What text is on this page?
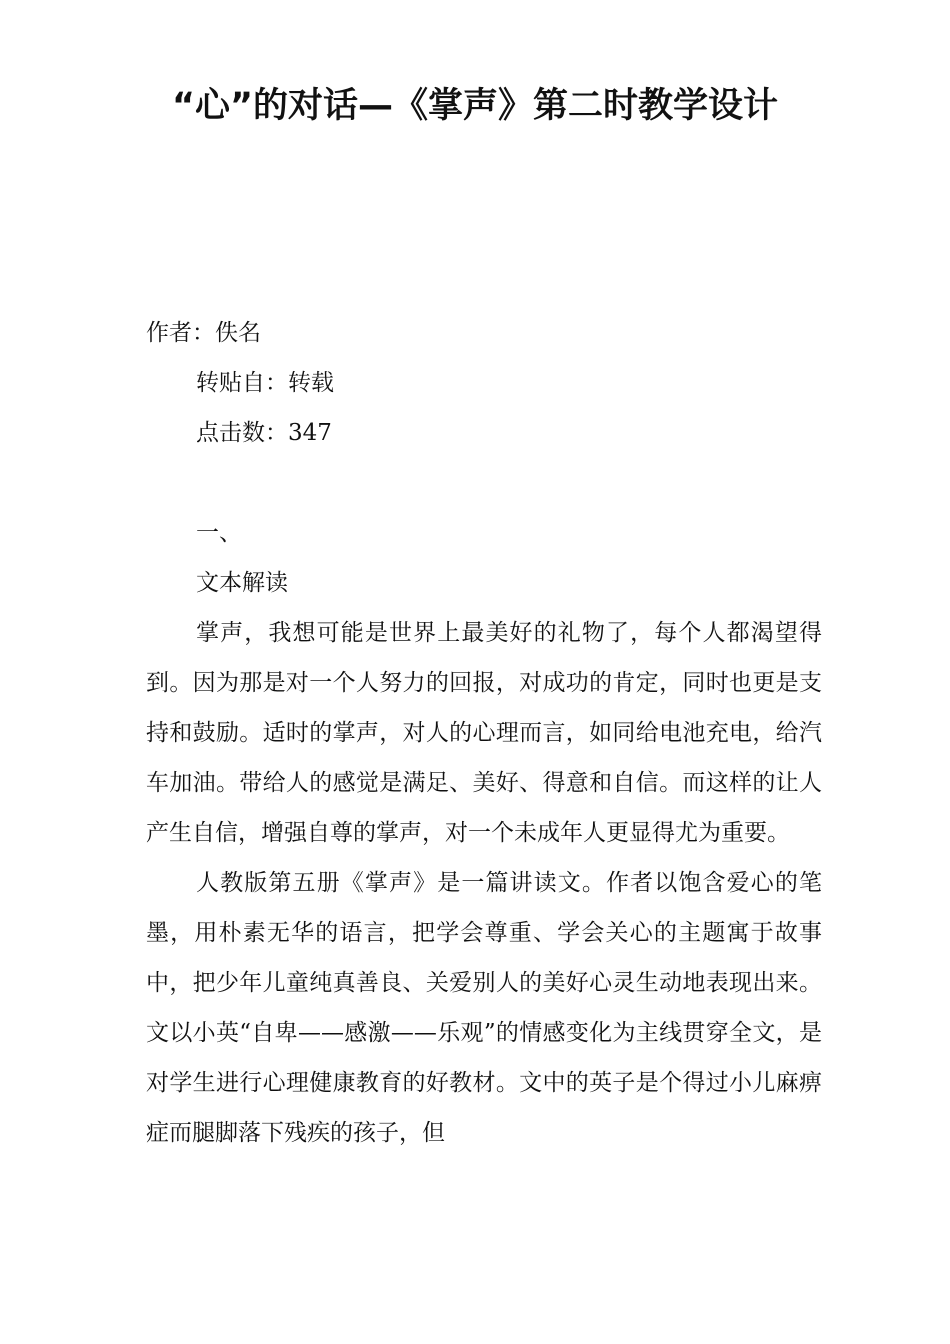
“心”的对话—《掌声》第二时教学设计
作者：佚名
转贴自：转载
点击数：347
一、
文本解读

掌声，我想可能是世界上最美好的礼物了，每个人都渴望得到。因为那是对一个人努力的回报，对成功的肯定，同时也更是支持和鼓励。适时的掌声，对人的心理而言，如同给电池充电，给汽车加油。带给人的感觉是满足、美好、得意和自信。而这样的让人产生自信，增强自尊的掌声，对一个未成年人更显得尤为重要。

人教版第五册《掌声》是一篇讲读文。作者以饱含爱心的笔墨，用朴素无华的语言，把学会尊重、学会关心的主题寓于故事中，把少年儿童纯真善良、关爱别人的美好心灵生动地表现出来。文以小英“自卑——感激——乐观”的情感变化为主线贯穿全文，是对学生进行心理健康教育的好教材。文中的英子是个得过小儿麻痹症而腿脚落下残疾的孩子，但
